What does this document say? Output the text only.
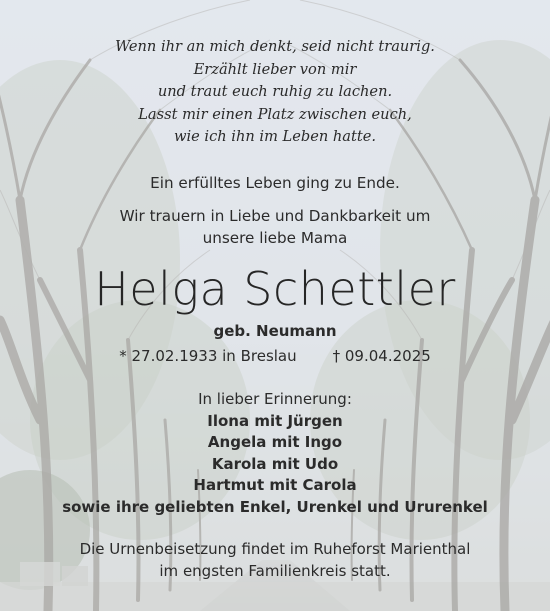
Wenn ihr an mich denkt, seid nicht traurig.
Erzählt lieber von mir
und traut euch ruhig zu lachen.
Lasst mir einen Platz zwischen euch,
wie ich ihn im Leben hatte.
Ein erfülltes Leben ging zu Ende.
Wir trauern in Liebe und Dankbarkeit um
unsere liebe Mama
Helga Schettler
geb. Neumann
* 27.02.1933 in Breslau † 09.04.2025
In lieber Erinnerung:
Ilona mit Jürgen
Angela mit Ingo
Karola mit Udo
Hartmut mit Carola
sowie ihre geliebten Enkel, Urenkel und Ururenkel
Die Urnenbeisetzung findet im Ruheforst Marienthal
im engsten Familienkreis statt.
